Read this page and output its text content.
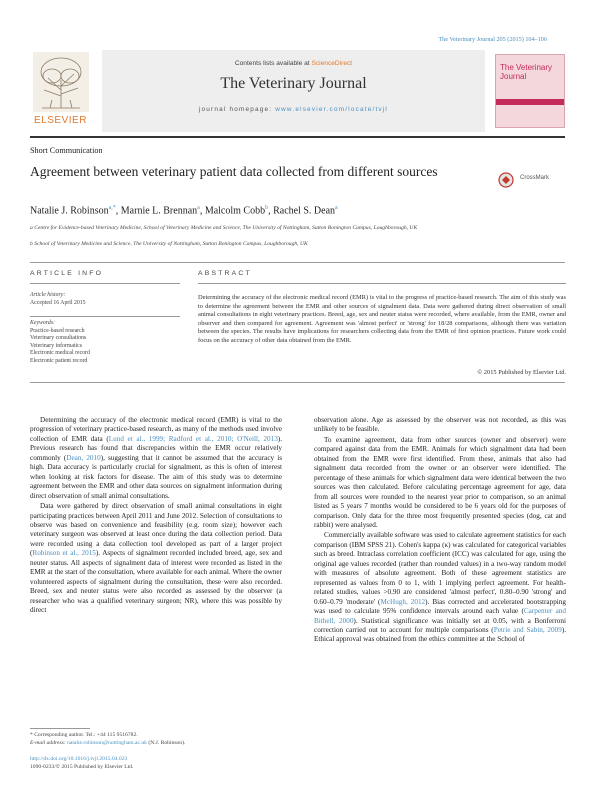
The Veterinary Journal 205 (2015) 104–106
ELSEVIER
Contents lists available at ScienceDirect
The Veterinary Journal
journal homepage: www.elsevier.com/locate/tvjl
The Veterinary Journal
Short Communication
Agreement between veterinary patient data collected from different sources	CrossMark
Natalie J. Robinson$^{a,*}$, Marnie L. Brennan$^a$, Malcolm Cobb$^b$, Rachel S. Dean$^a$
a Centre for Evidence-based Veterinary Medicine, School of Veterinary Medicine and Science, The University of Nottingham, Sutton Bonington Campus, Loughborough, UK
b School of Veterinary Medicine and Science, The University of Nottingham, Sutton Bonington Campus, Loughborough, UK
ARTICLE INFO	ABSTRACT
Article history:
Accepted 16 April 2015
Keywords:
Practice-based research
Veterinary consultations
Veterinary informatics
Electronic medical record
Electronic patient record
Determining the accuracy of the electronic medical record (EMR) is vital to the progress of practice-based research. The aim of this study was to determine the agreement between the EMR and other sources of signalment data. Data were gathered during direct observation of small animal consultations in eight veterinary practices. Breed, age, sex and neuter status were recorded, where available, from the EMR, owner and observer and then compared for agreement. Agreement was 'almost perfect' or 'strong' for 18/28 comparisons, although there was variation between the species. The results have implications for researchers collecting data from the EMR of first opinion practices. Future work could focus on the accuracy of other data obtained from the EMR.
© 2015 Published by Elsevier Ltd.

Determining the accuracy of the electronic medical record (EMR) is vital to the progression of veterinary practice-based research, as many of the methods used involve collection of EMR data (Lund et al., 1999; Radford et al., 2010; O'Neill, 2013). Previous research has found that discrepancies within the EMR occur relatively commonly (Dean, 2010), suggesting that it cannot be assumed that the accuracy is high. Data accuracy is particularly crucial for signalment, as this is often of interest when looking at risk factors for disease. The aim of this study was to determine agreement between the EMR and other data sources on signalment information during direct observation of small animal consultations.

Data were gathered by direct observation of small animal consultations in eight participating practices between April 2011 and June 2012. Selection of consultations to observe was based on convenience and feasibility (e.g. room size); however each veterinary surgeon was observed at least once during the data collection period. Data were recorded using a data collection tool developed as part of a larger project (Robinson et al., 2015). Aspects of signalment recorded included breed, age, sex and neuter status. All aspects of signalment data of interest were recorded as listed in the EMR at the start of the consultation, where available for each animal. Where the owner volunteered aspects of signalment during the consultation, these were also recorded. Breed, sex and neuter status were also recorded as assessed by the observer (a researcher who was a qualified veterinary surgeon; NR), where this was possible by direct

observation alone. Age as assessed by the observer was not recorded, as this was unlikely to be feasible.

To examine agreement, data from other sources (owner and observer) were compared against data from the EMR. Animals for which signalment data had been obtained from the EMR were first identified. From these, animals that also had signalment data recorded from the owner or an observer were identified. The percentage of these animals for which signalment data were identical between the two sources was then calculated. Before calculating percentage agreement for age, data from all sources were rounded to the nearest year prior to comparison, so an animal listed as 5 years 7 months would be considered to be 6 years old for the purposes of comparison. Only data for the three most frequently presented species (dog, cat and rabbit) were analysed.

Commercially available software was used to calculate agreement statistics for each comparison (IBM SPSS 21). Cohen's kappa (κ) was calculated for categorical variables such as breed. Intraclass correlation coefficient (ICC) was calculated for age, using the original age values recorded (rather than rounded values) in a two-way random model with measures of absolute agreement. Both of these agreement statistics are represented as values from 0 to 1, with 1 implying perfect agreement. For health-related studies, values >0.90 are considered 'almost perfect', 0.80–0.90 'strong' and 0.60–0.79 'moderate' (McHugh, 2012). Bias corrected and accelerated bootstrapping was used to calculate 95% confidence intervals around each value (Carpenter and Bithell, 2000). Statistical significance was initially set at 0.05, with a Bonferroni correction carried out to account for multiple comparisons (Petrie and Sabin, 2009). Ethical approval was obtained from the ethics committee at the School of

* Corresponding author. Tel.: +44 115 9516782.
E-mail address: natalie.robinson@nottingham.ac.uk (N.J. Robinson).
http://dx.doi.org/10.1016/j.tvjl.2015.04.023
1090-0233/© 2015 Published by Elsevier Ltd.
